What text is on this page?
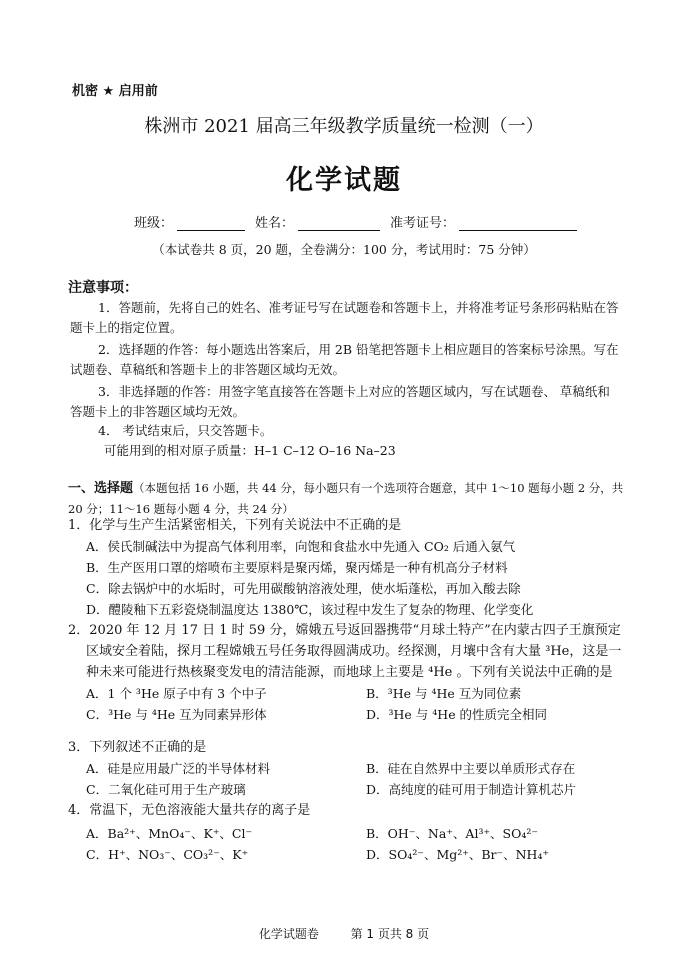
机密 ★ 启用前
株洲市 2021 届高三年级教学质量统一检测（一）
化学试题
班级：	姓名：	准考证号：
（本试卷共 8 页，20 题，全卷满分：100 分，考试用时：75 分钟）
注意事项：
1．答题前，先将自己的姓名、准考证号写在试题卷和答题卡上，并将准考证号条形码粘贴在答题卡上的指定位置。
2．选择题的作答：每小题选出答案后，用 2B 铅笔把答题卡上相应题目的答案标号涂黑。写在试题卷、草稿纸和答题卡上的非答题区域均无效。
3．非选择题的作答：用签字笔直接答在答题卡上对应的答题区域内，写在试题卷、 草稿纸和答题卡上的非答题区域均无效。
4． 考试结束后，只交答题卡。
可能用到的相对原子质量：H–1 C–12 O–16 Na–23
一、选择题（本题包括 16 小题，共 44 分，每小题只有一个选项符合题意，其中 1～10 题每小题 2 分，共 20 分；11～16 题每小题 4 分，共 24 分）
1．化学与生产生活紧密相关，下列有关说法中不正确的是
A．侯氏制碱法中为提高气体利用率，向饱和食盐水中先通入 CO₂ 后通入氨气
B．生产医用口罩的熔喷布主要原料是聚丙烯，聚丙烯是一种有机高分子材料
C．除去锅炉中的水垢时，可先用碳酸钠溶液处理，使水垢蓬松，再加入酸去除
D．醴陵釉下五彩瓷烧制温度达 1380℃，该过程中发生了复杂的物理、化学变化
2．2020 年 12 月 17 日 1 时 59 分，嫦娥五号返回器携带“月球土特产”在内蒙古四子王旗预定区域安全着陆，探月工程嫦娥五号任务取得圆满成功。经探测，月壤中含有大量 ³He，这是一种未来可能进行热核聚变发电的清洁能源，而地球上主要是 ⁴He 。下列有关说法中正确的是
A．1 个 ³He 原子中有 3 个中子	B．³He 与 ⁴He 互为同位素
C．³He 与 ⁴He 互为同素异形体	D．³He 与 ⁴He 的性质完全相同
3．下列叙述不正确的是
A．硅是应用最广泛的半导体材料	B．硅在自然界中主要以单质形式存在
C．二氧化硅可用于生产玻璃	D．高纯度的硅可用于制造计算机芯片
4．常温下，无色溶液能大量共存的离子是
A．Ba²⁺、MnO₄⁻、K⁺、Cl⁻	B．OH⁻、Na⁺、Al³⁺、SO₄²⁻
C．H⁺、NO₃⁻、CO₃²⁻、K⁺	D．SO₄²⁻、Mg²⁺、Br⁻、NH₄⁺
化学试题卷	第 1 页共 8 页
